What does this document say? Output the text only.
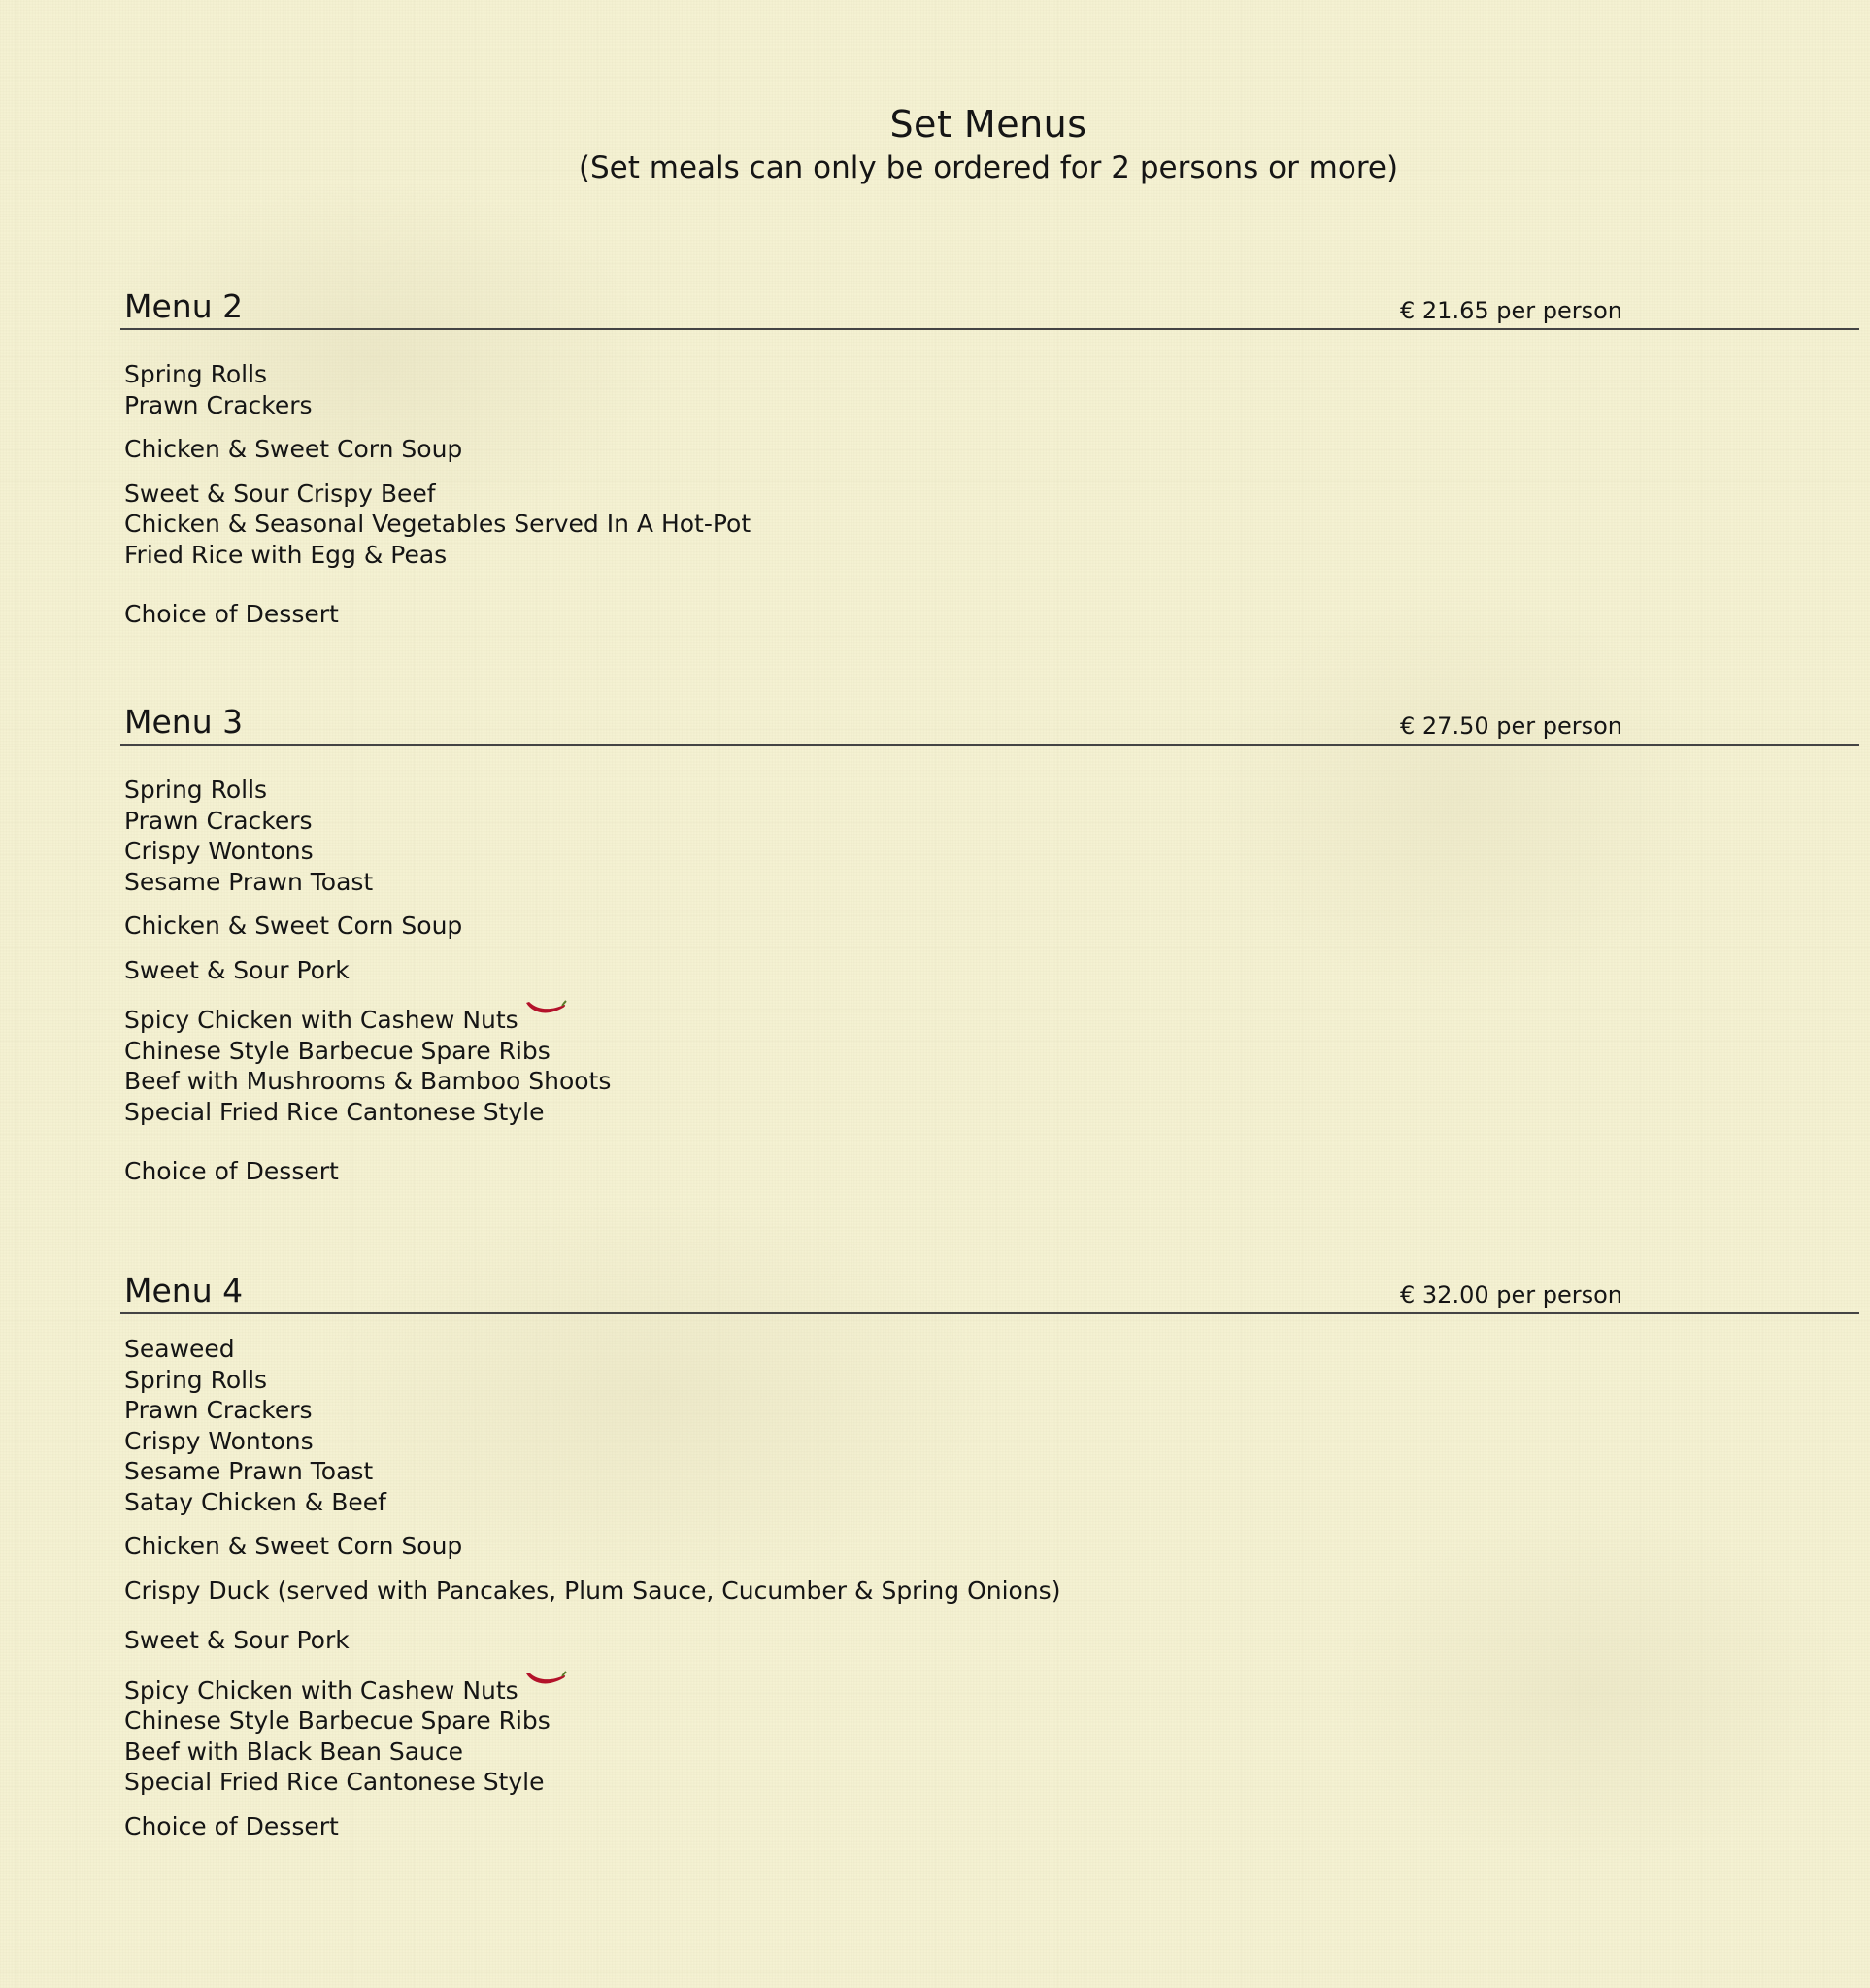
Set Menus
(Set meals can only be ordered for 2 persons or more)
Menu 2	€ 21.65 per person
Spring Rolls
Prawn Crackers
Chicken & Sweet Corn Soup
Sweet & Sour Crispy Beef
Chicken & Seasonal Vegetables Served In A Hot-Pot
Fried Rice with Egg & Peas
Choice of Dessert
Menu 3	€ 27.50 per person
Spring Rolls
Prawn Crackers
Crispy Wontons
Sesame Prawn Toast
Chicken & Sweet Corn Soup
Sweet & Sour Pork
Spicy Chicken with Cashew Nuts
Chinese Style Barbecue Spare Ribs
Beef with Mushrooms & Bamboo Shoots
Special Fried Rice Cantonese Style
Choice of Dessert
Menu 4	€ 32.00 per person
Seaweed
Spring Rolls
Prawn Crackers
Crispy Wontons
Sesame Prawn Toast
Satay Chicken & Beef
Chicken & Sweet Corn Soup
Crispy Duck (served with Pancakes, Plum Sauce, Cucumber & Spring Onions)
Sweet & Sour Pork
Spicy Chicken with Cashew Nuts
Chinese Style Barbecue Spare Ribs
Beef with Black Bean Sauce
Special Fried Rice Cantonese Style
Choice of Dessert
